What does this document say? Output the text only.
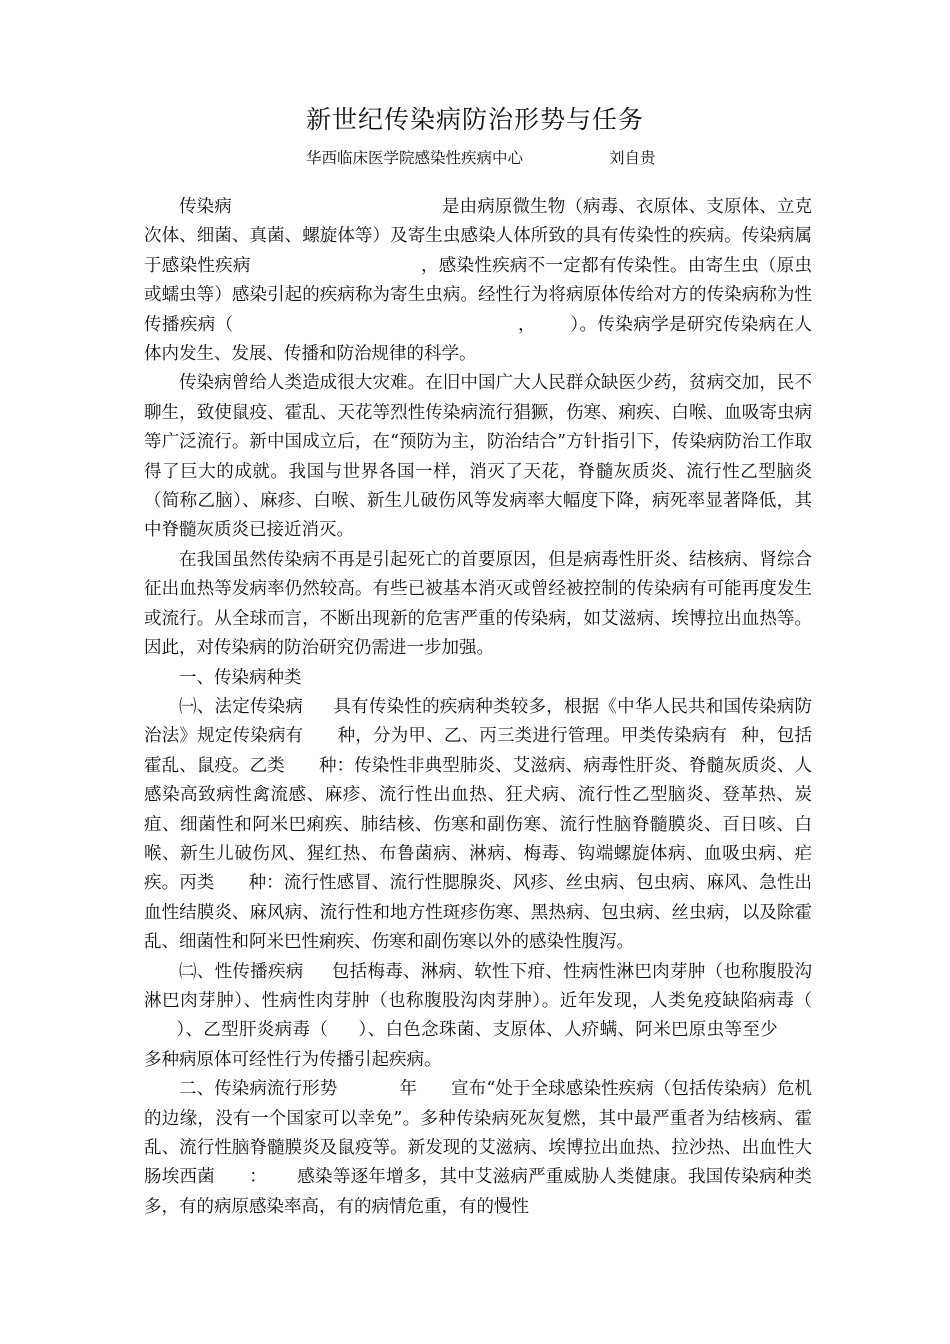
新世纪传染病防治形势与任务
华西临床医学院感染性疾病中心	刘自贵

传染病	是由病原微生物（病毒、衣原体、支原体、立克次体、细菌、真菌、螺旋体等）及寄生虫感染人体所致的具有传染性的疾病。传染病属于感染性疾病	，感染性疾病不一定都有传染性。由寄生虫（原虫或蠕虫等）感染引起的疾病称为寄生虫病。经性行为将病原体传给对方的传染病称为性传播疾病（	， ）。传染病学是研究传染病在人体内发生、发展、传播和防治规律的科学。

传染病曾给人类造成很大灾难。在旧中国广大人民群众缺医少药，贫病交加，民不聊生，致使鼠疫、霍乱、天花等烈性传染病流行猖獗，伤寒、痢疾、白喉、血吸寄虫病等广泛流行。新中国成立后，在“预防为主，防治结合”方针指引下，传染病防治工作取得了巨大的成就。我国与世界各国一样，消灭了天花，脊髓灰质炎、流行性乙型脑炎（简称乙脑）、麻疹、白喉、新生儿破伤风等发病率大幅度下降，病死率显著降低，其中脊髓灰质炎已接近消灭。

在我国虽然传染病不再是引起死亡的首要原因，但是病毒性肝炎、结核病、肾综合征出血热等发病率仍然较高。有些已被基本消灭或曾经被控制的传染病有可能再度发生或流行。从全球而言，不断出现新的危害严重的传染病，如艾滋病、埃博拉出血热等。因此，对传染病的防治研究仍需进一步加强。

一、传染病种类

㈠、法定传染病 具有传染性的疾病种类较多，根据《中华人民共和国传染病防治法》规定传染病有 种，分为甲、乙、丙三类进行管理。甲类传染病有 种，包括霍乱、鼠疫。乙类 种：传染性非典型肺炎、艾滋病、病毒性肝炎、脊髓灰质炎、人感染高致病性禽流感、麻疹、流行性出血热、狂犬病、流行性乙型脑炎、登革热、炭疽、细菌性和阿米巴痢疾、肺结核、伤寒和副伤寒、流行性脑脊髓膜炎、百日咳、白喉、新生儿破伤风、猩红热、布鲁菌病、淋病、梅毒、钩端螺旋体病、血吸虫病、疟疾。丙类 种：流行性感冒、流行性腮腺炎、风疹、丝虫病、包虫病、麻风、急性出血性结膜炎、麻风病、流行性和地方性斑疹伤寒、黑热病、包虫病、丝虫病，以及除霍乱、细菌性和阿米巴性痢疾、伤寒和副伤寒以外的感染性腹泻。

㈡、性传播疾病 包括梅毒、淋病、软性下疳、性病性淋巴肉芽肿（也称腹股沟淋巴肉芽肿）、性病性肉芽肿（也称腹股沟肉芽肿）。近年发现，人类免疫缺陷病毒（）、乙型肝炎病毒（ ）、白色念珠菌、支原体、人疥螨、阿米巴原虫等至少多种病原体可经性行为传播引起疾病。

二、传染病流行形势	年 宣布“处于全球感染性疾病（包括传染病）危机的边缘，没有一个国家可以幸免”。多种传染病死灰复燃，其中最严重者为结核病、霍乱、流行性脑脊髓膜炎及鼠疫等。新发现的艾滋病、埃博拉出血热、拉沙热、出血性大肠埃西菌 ： 感染等逐年增多，其中艾滋病严重威胁人类健康。我国传染病种类多，有的病原感染率高，有的病情危重，有的慢性
